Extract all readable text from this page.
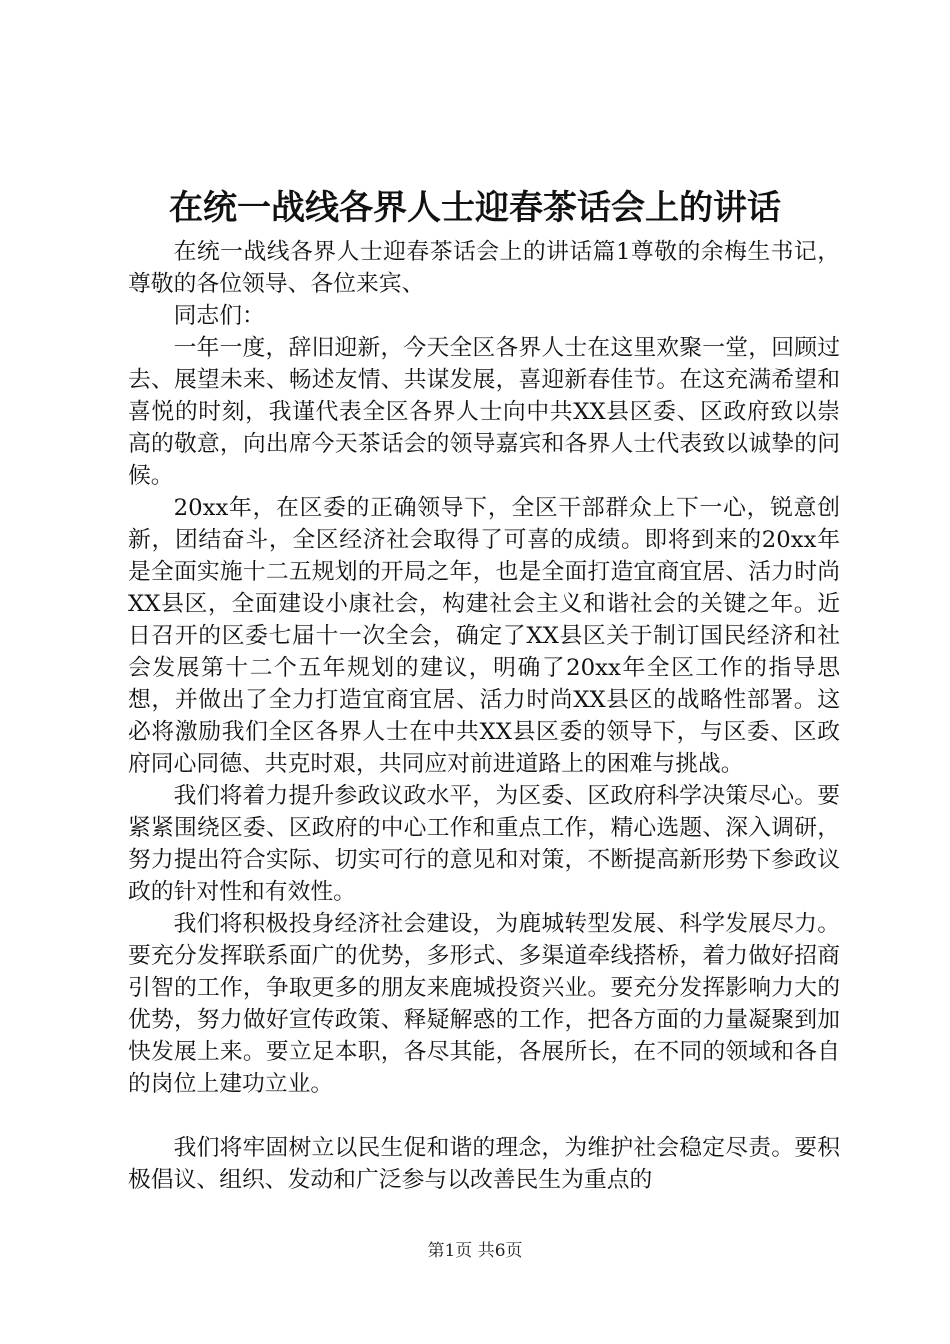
在统一战线各界人士迎春茶话会上的讲话

在统一战线各界人士迎春茶话会上的讲话篇1尊敬的余梅生书记，尊敬的各位领导、各位来宾、

同志们：

一年一度，辞旧迎新，今天全区各界人士在这里欢聚一堂，回顾过去、展望未来、畅述友情、共谋发展，喜迎新春佳节。在这充满希望和喜悦的时刻，我谨代表全区各界人士向中共XX县区委、区政府致以崇高的敬意，向出席今天茶话会的领导嘉宾和各界人士代表致以诚挚的问候。

20xx年，在区委的正确领导下，全区干部群众上下一心，锐意创新，团结奋斗，全区经济社会取得了可喜的成绩。即将到来的20xx年是全面实施十二五规划的开局之年，也是全面打造宜商宜居、活力时尚XX县区，全面建设小康社会，构建社会主义和谐社会的关键之年。近日召开的区委七届十一次全会，确定了XX县区关于制订国民经济和社会发展第十二个五年规划的建议，明确了20xx年全区工作的指导思想，并做出了全力打造宜商宜居、活力时尚XX县区的战略性部署。这必将激励我们全区各界人士在中共XX县区委的领导下，与区委、区政府同心同德、共克时艰，共同应对前进道路上的困难与挑战。

我们将着力提升参政议政水平，为区委、区政府科学决策尽心。要紧紧围绕区委、区政府的中心工作和重点工作，精心选题、深入调研，努力提出符合实际、切实可行的意见和对策，不断提高新形势下参政议政的针对性和有效性。

我们将积极投身经济社会建设，为鹿城转型发展、科学发展尽力。要充分发挥联系面广的优势，多形式、多渠道牵线搭桥，着力做好招商引智的工作，争取更多的朋友来鹿城投资兴业。要充分发挥影响力大的优势，努力做好宣传政策、释疑解惑的工作，把各方面的力量凝聚到加快发展上来。要立足本职，各尽其能，各展所长，在不同的领域和各自的岗位上建功立业。

我们将牢固树立以民生促和谐的理念，为维护社会稳定尽责。要积极倡议、组织、发动和广泛参与以改善民生为重点的

第1页 共6页
